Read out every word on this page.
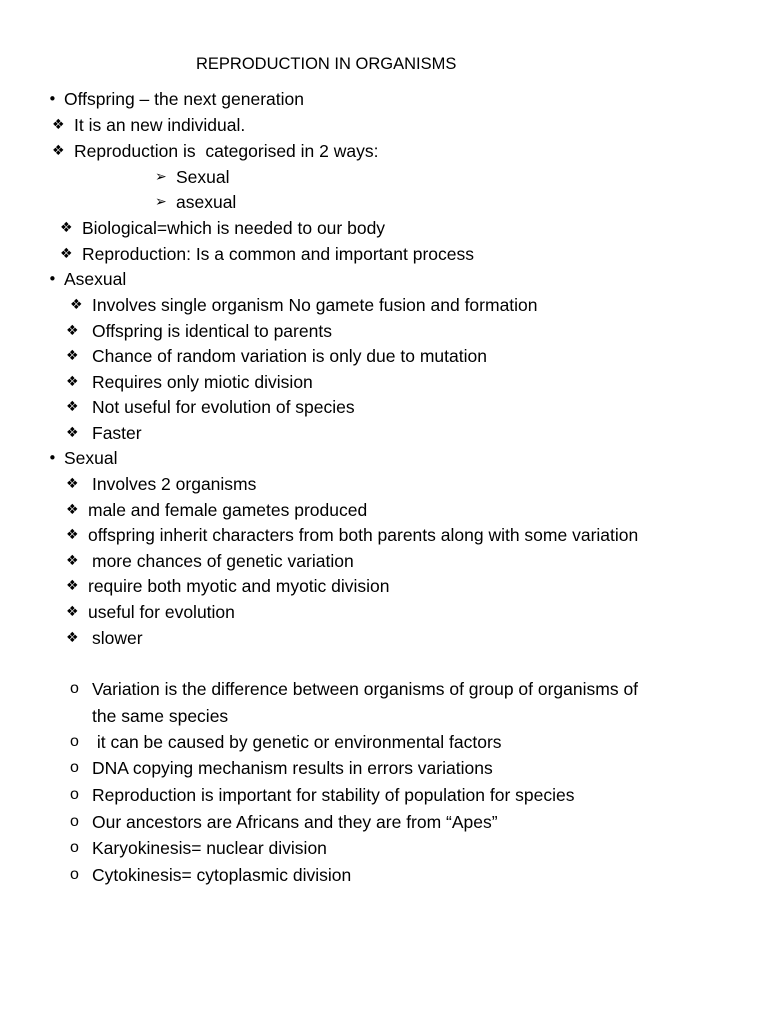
REPRODUCTION IN ORGANISMS

•

Offspring – the next generation

❖

It is an new individual.

❖

Reproduction is  categorised in 2 ways:

➢

Sexual

➢

asexual

❖

Biological=which is needed to our body

❖

Reproduction: Is a common and important process

•

Asexual

❖

Involves single organism No gamete fusion and formation

❖

Offspring is identical to parents

❖

Chance of random variation is only due to mutation

❖

Requires only miotic division

❖

Not useful for evolution of species

❖

Faster

•

Sexual

❖

Involves 2 organisms

❖

male and female gametes produced

❖

offspring inherit characters from both parents along with some variation

❖

more chances of genetic variation

❖

require both myotic and myotic division

❖

useful for evolution

❖

slower

o

Variation is the difference between organisms of group of organisms of

the same species

o

it can be caused by genetic or environmental factors

o

DNA copying mechanism results in errors variations

o

Reproduction is important for stability of population for species

o

Our ancestors are Africans and they are from “Apes”

o

Karyokinesis= nuclear division

o

Cytokinesis= cytoplasmic division
